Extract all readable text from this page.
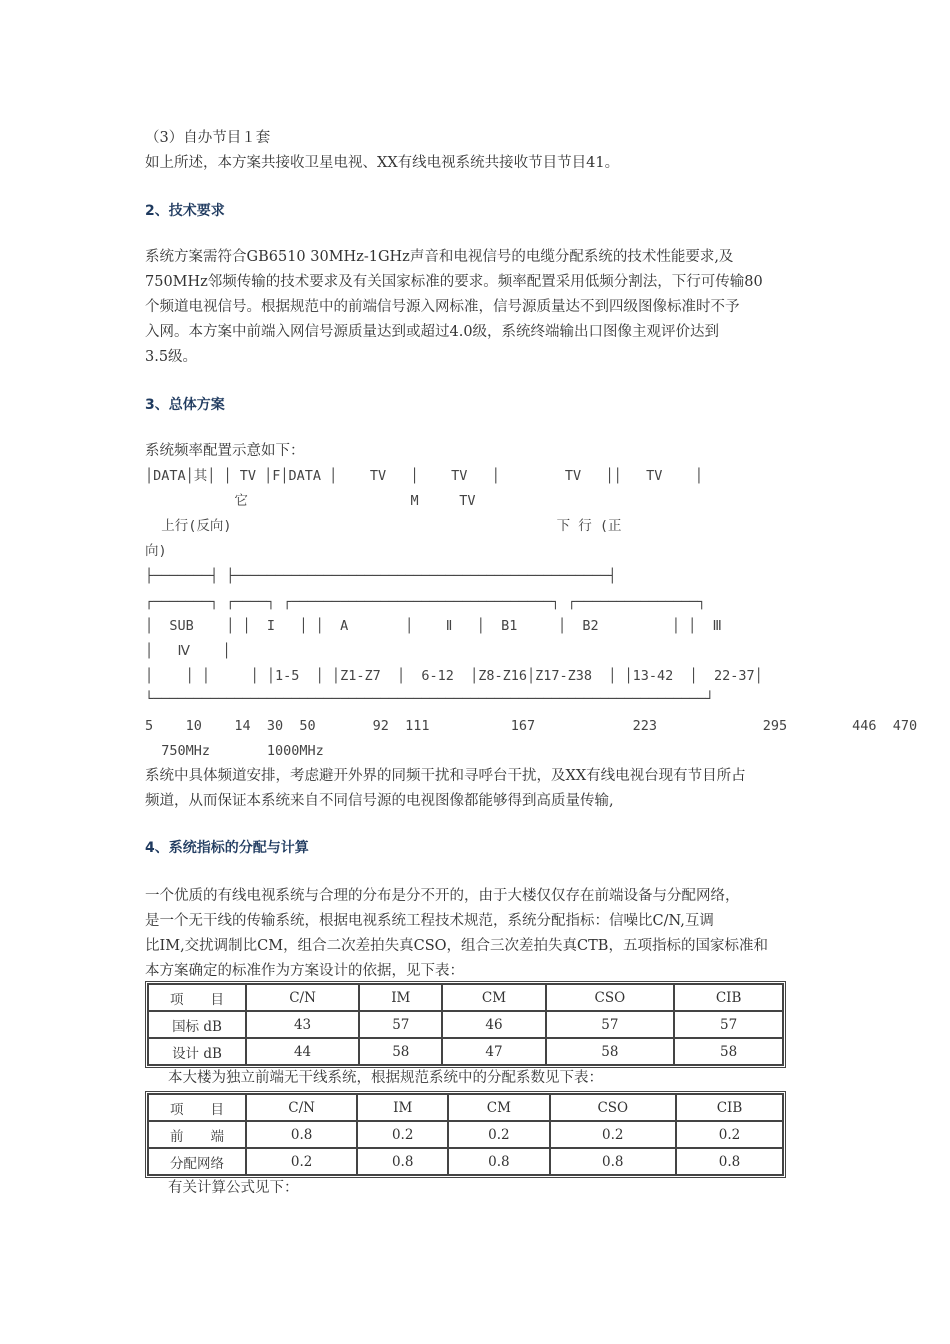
（3）自办节目１套
如上所述，本方案共接收卫星电视、XX有线电视系统共接收节目节目41。
2、技术要求
系统方案需符合GB6510 30MHz-1GHz声音和电视信号的电缆分配系统的技术性能要求,及
750MHz邻频传输的技术要求及有关国家标准的要求。频率配置采用低频分割法，下行可传输80
个频道电视信号。根据规范中的前端信号源入网标准，信号源质量达不到四级图像标准时不予
入网。本方案中前端入网信号源质量达到或超过4.0级，系统终端输出口图像主观评价达到
3.5级。
3、总体方案
系统频率配置示意如下：
│DATA│其│ │ TV │F│DATA │    TV   │    TV   │        TV   ││   TV    │
它                    M     TV
上行(反向)                                        下 行 (正
向)
├───────┤ ├──────────────────────────────────────────────┤
┌───────┐ ┌────┐ ┌────────────────────────────────┐ ┌───────────────┐
│  SUB    │ │  I   │ │  A       │    Ⅱ   │  B1     │  B2         │ │  Ⅲ
│   Ⅳ    │
│    │ │     │ │1-5  │ │Z1-Z7  │  6-12  │Z8-Z16│Z17-Z38  │ │13-42  │  22-37│
└────────────────────────────────────────────────────────────────────┘
5    10    14  30  50       92  111          167            223             295        446  470
750MHz       1000MHz
系统中具体频道安排，考虑避开外界的同频干扰和寻呼台干扰，及XX有线电视台现有节目所占
频道，从而保证本系统来自不同信号源的电视图像都能够得到高质量传输,
4、系统指标的分配与计算
一个优质的有线电视系统与合理的分布是分不开的，由于大楼仅仅存在前端设备与分配网络，
是一个无干线的传输系统，根据电视系统工程技术规范，系统分配指标：信噪比C/N,互调
比IM,交扰调制比CM，组合二次差拍失真CSO，组合三次差拍失真CTB，五项指标的国家标准和
本方案确定的标准作为方案设计的依据，见下表：
项　　目	C/N	IM	CM	CSO	CIB
国标 dB	43	57	46	57	57
设计 dB	44	58	47	58	58
本大楼为独立前端无干线系统，根据规范系统中的分配系数见下表：
项　　目	C/N	IM	CM	CSO	CIB
前　　端	0.8	0.2	0.2	0.2	0.2
分配网络	0.2	0.8	0.8	0.8	0.8
有关计算公式见下：
